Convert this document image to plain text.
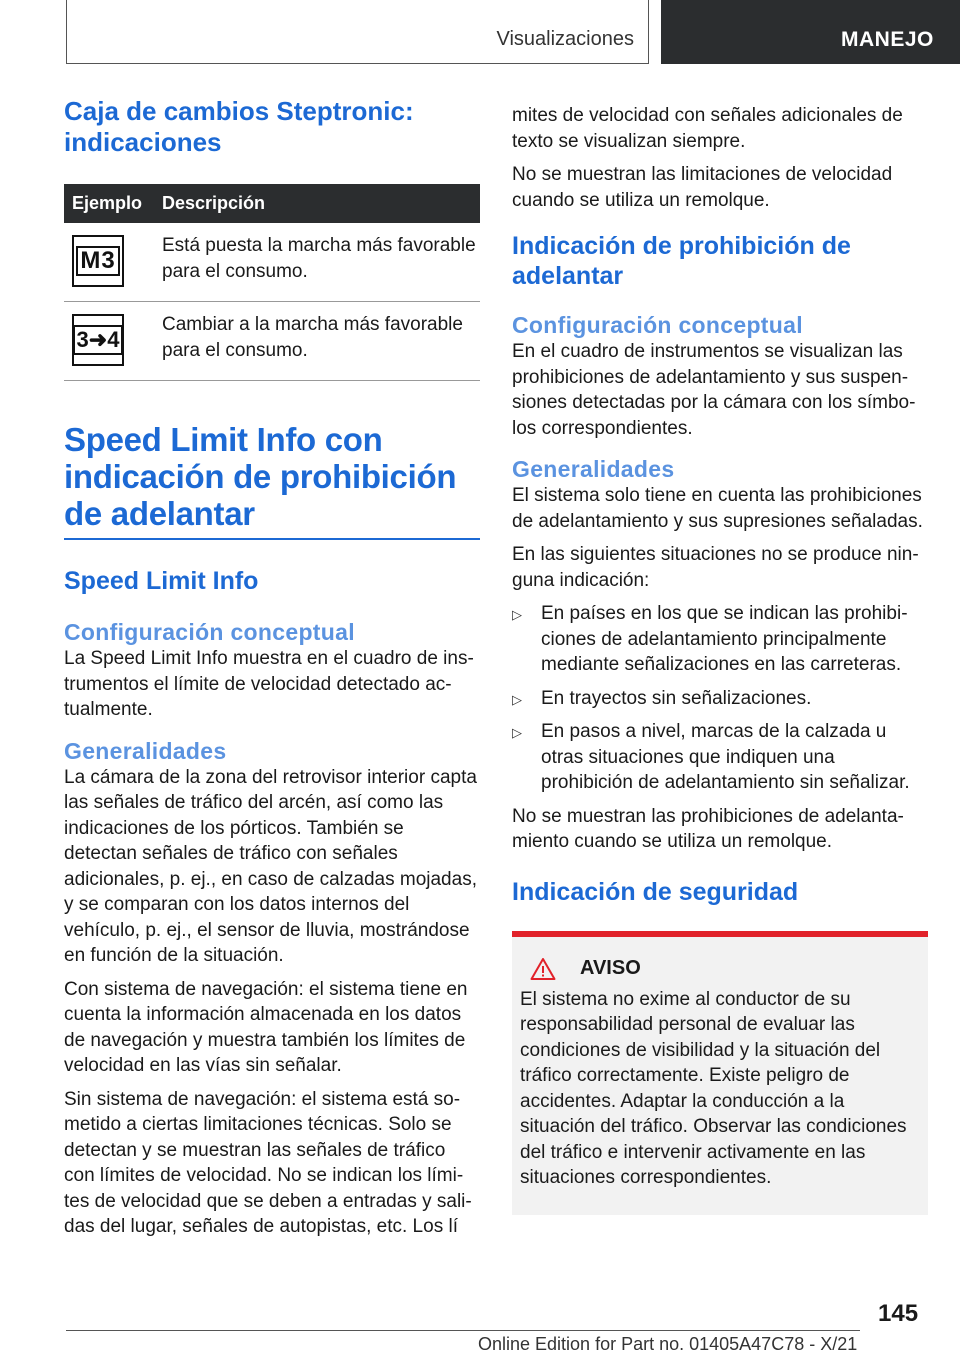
Visualizaciones	MANEJO
Caja de cambios Steptronic: indicaciones
Ejemplo	Descripción

M3	Está puesta la marcha más favorable para el consumo.

3➜4	Cambiar a la marcha más favorable para el consumo.
Speed Limit Info con indicación de prohibición de adelantar
Speed Limit Info
Configuración conceptual

La Speed Limit Info muestra en el cuadro de instrumentos el límite de velocidad detectado actualmente.

Generalidades

La cámara de la zona del retrovisor interior capta las señales de tráfico del arcén, así como las indicaciones de los pórticos. También se detectan señales de tráfico con señales adicionales, p. ej., en caso de calzadas mojadas, y se comparan con los datos internos del vehículo, p. ej., el sensor de lluvia, mostrándose en función de la situación.

Con sistema de navegación: el sistema tiene en cuenta la información almacenada en los datos de navegación y muestra también los límites de velocidad en las vías sin señalar.

Sin sistema de navegación: el sistema está sometido a ciertas limitaciones técnicas. Solo se detectan y se muestran las señales de tráfico con límites de velocidad. No se indican los límites de velocidad que se deben a entradas y salidas del lugar, señales de autopistas, etc. Los lí

mites de velocidad con señales adicionales de texto se visualizan siempre.

No se muestran las limitaciones de velocidad cuando se utiliza un remolque.

Indicación de prohibición de adelantar
Configuración conceptual

En el cuadro de instrumentos se visualizan las prohibiciones de adelantamiento y sus suspensiones detectadas por la cámara con los símbolos correspondientes.

Generalidades

El sistema solo tiene en cuenta las prohibiciones de adelantamiento y sus supresiones señaladas.

En las siguientes situaciones no se produce ninguna indicación:

▷ En países en los que se indican las prohibiciones de adelantamiento principalmente mediante señalizaciones en las carreteras.
▷ En trayectos sin señalizaciones.
▷ En pasos a nivel, marcas de la calzada u otras situaciones que indiquen una prohibición de adelantamiento sin señalizar.

No se muestran las prohibiciones de adelantamiento cuando se utiliza un remolque.

Indicación de seguridad
AVISO

El sistema no exime al conductor de su responsabilidad personal de evaluar las condiciones de visibilidad y la situación del tráfico correctamente. Existe peligro de accidentes. Adaptar la conducción a la situación del tráfico. Observar las condiciones del tráfico e intervenir activamente en las situaciones correspondientes.

145
Online Edition for Part no. 01405A47C78 - X/21
